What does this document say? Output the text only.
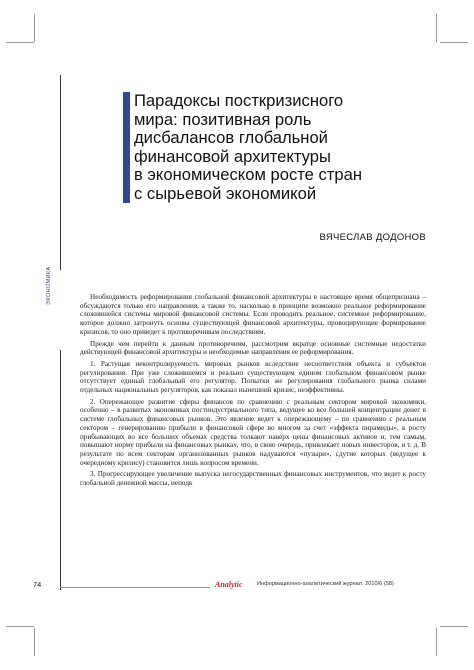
ЭКОНОМИКА
Парадоксы посткризисного
мира: позитивная роль
дисбалансов глобальной
финансовой архитектуры
в экономическом росте стран
с сырьевой экономикой
ВЯЧЕСЛАВ ДОДОНОВ

Необходимость реформирования глобальной финансовой архитектуры в настоящее время общепризнана – обсуждаются только его направления, а также то, насколько в принципе возможно реальное реформирование сложившейся системы мировой финансовой системы. Если проводить реальное, системное реформирование, которое должно затронуть основы существующей финансовой архитектуры, провоцирующие формирование кризисов, то оно приведет к противоречивым последствиям.

Прежде чем перейти к данным противоречиям, рассмотрим вкратце основные системные недостатки действующей финансовой архитектуры и необходимые направления ее реформирования.

1. Растущая неконтролируемость мировых рынков вследствие несоответствия объекта и субъектов регулирования. При уже сложившемся и реально существующем едином глобальном финансовом рынке отсутствует единый глобальный его регулятор. Попытки же регулирования глобального рынка силами отдельных национальных регуляторов, как показал нынешний кризис, неэффективны.

2. Опережающее развитие сферы финансов по сравнению с реальным сектором мировой экономики, особенно – в развитых экономиках постиндустриального типа, ведущее ко все большей концентрации денег в системе глобальных финансовых рынков. Это явление ведет к опережающему – по сравнению с реальным сектором – генерированию прибыли в финансовой сфере во многом за счет «эффекта пирамиды», к росту прибывающих во все больших объемах средства толкают наверх цены финансовых активов и, тем самым, повышают норму прибыли на финансовых рынках, что, в свою очередь, привлекает новых инвесторов, и т. д. В результате по всем секторам организованных рынков надуваются «пузыри», сдутие которых (ведущее к очередному кризису) становится лишь вопросом времени.

3. Прогрессирующее увеличение выпуска негосударственных финансовых инструментов, что ведет к росту глобальной денежной массы, неподк

74	Analytic	Информационно-аналитический журнал. 2010/6 (58)
